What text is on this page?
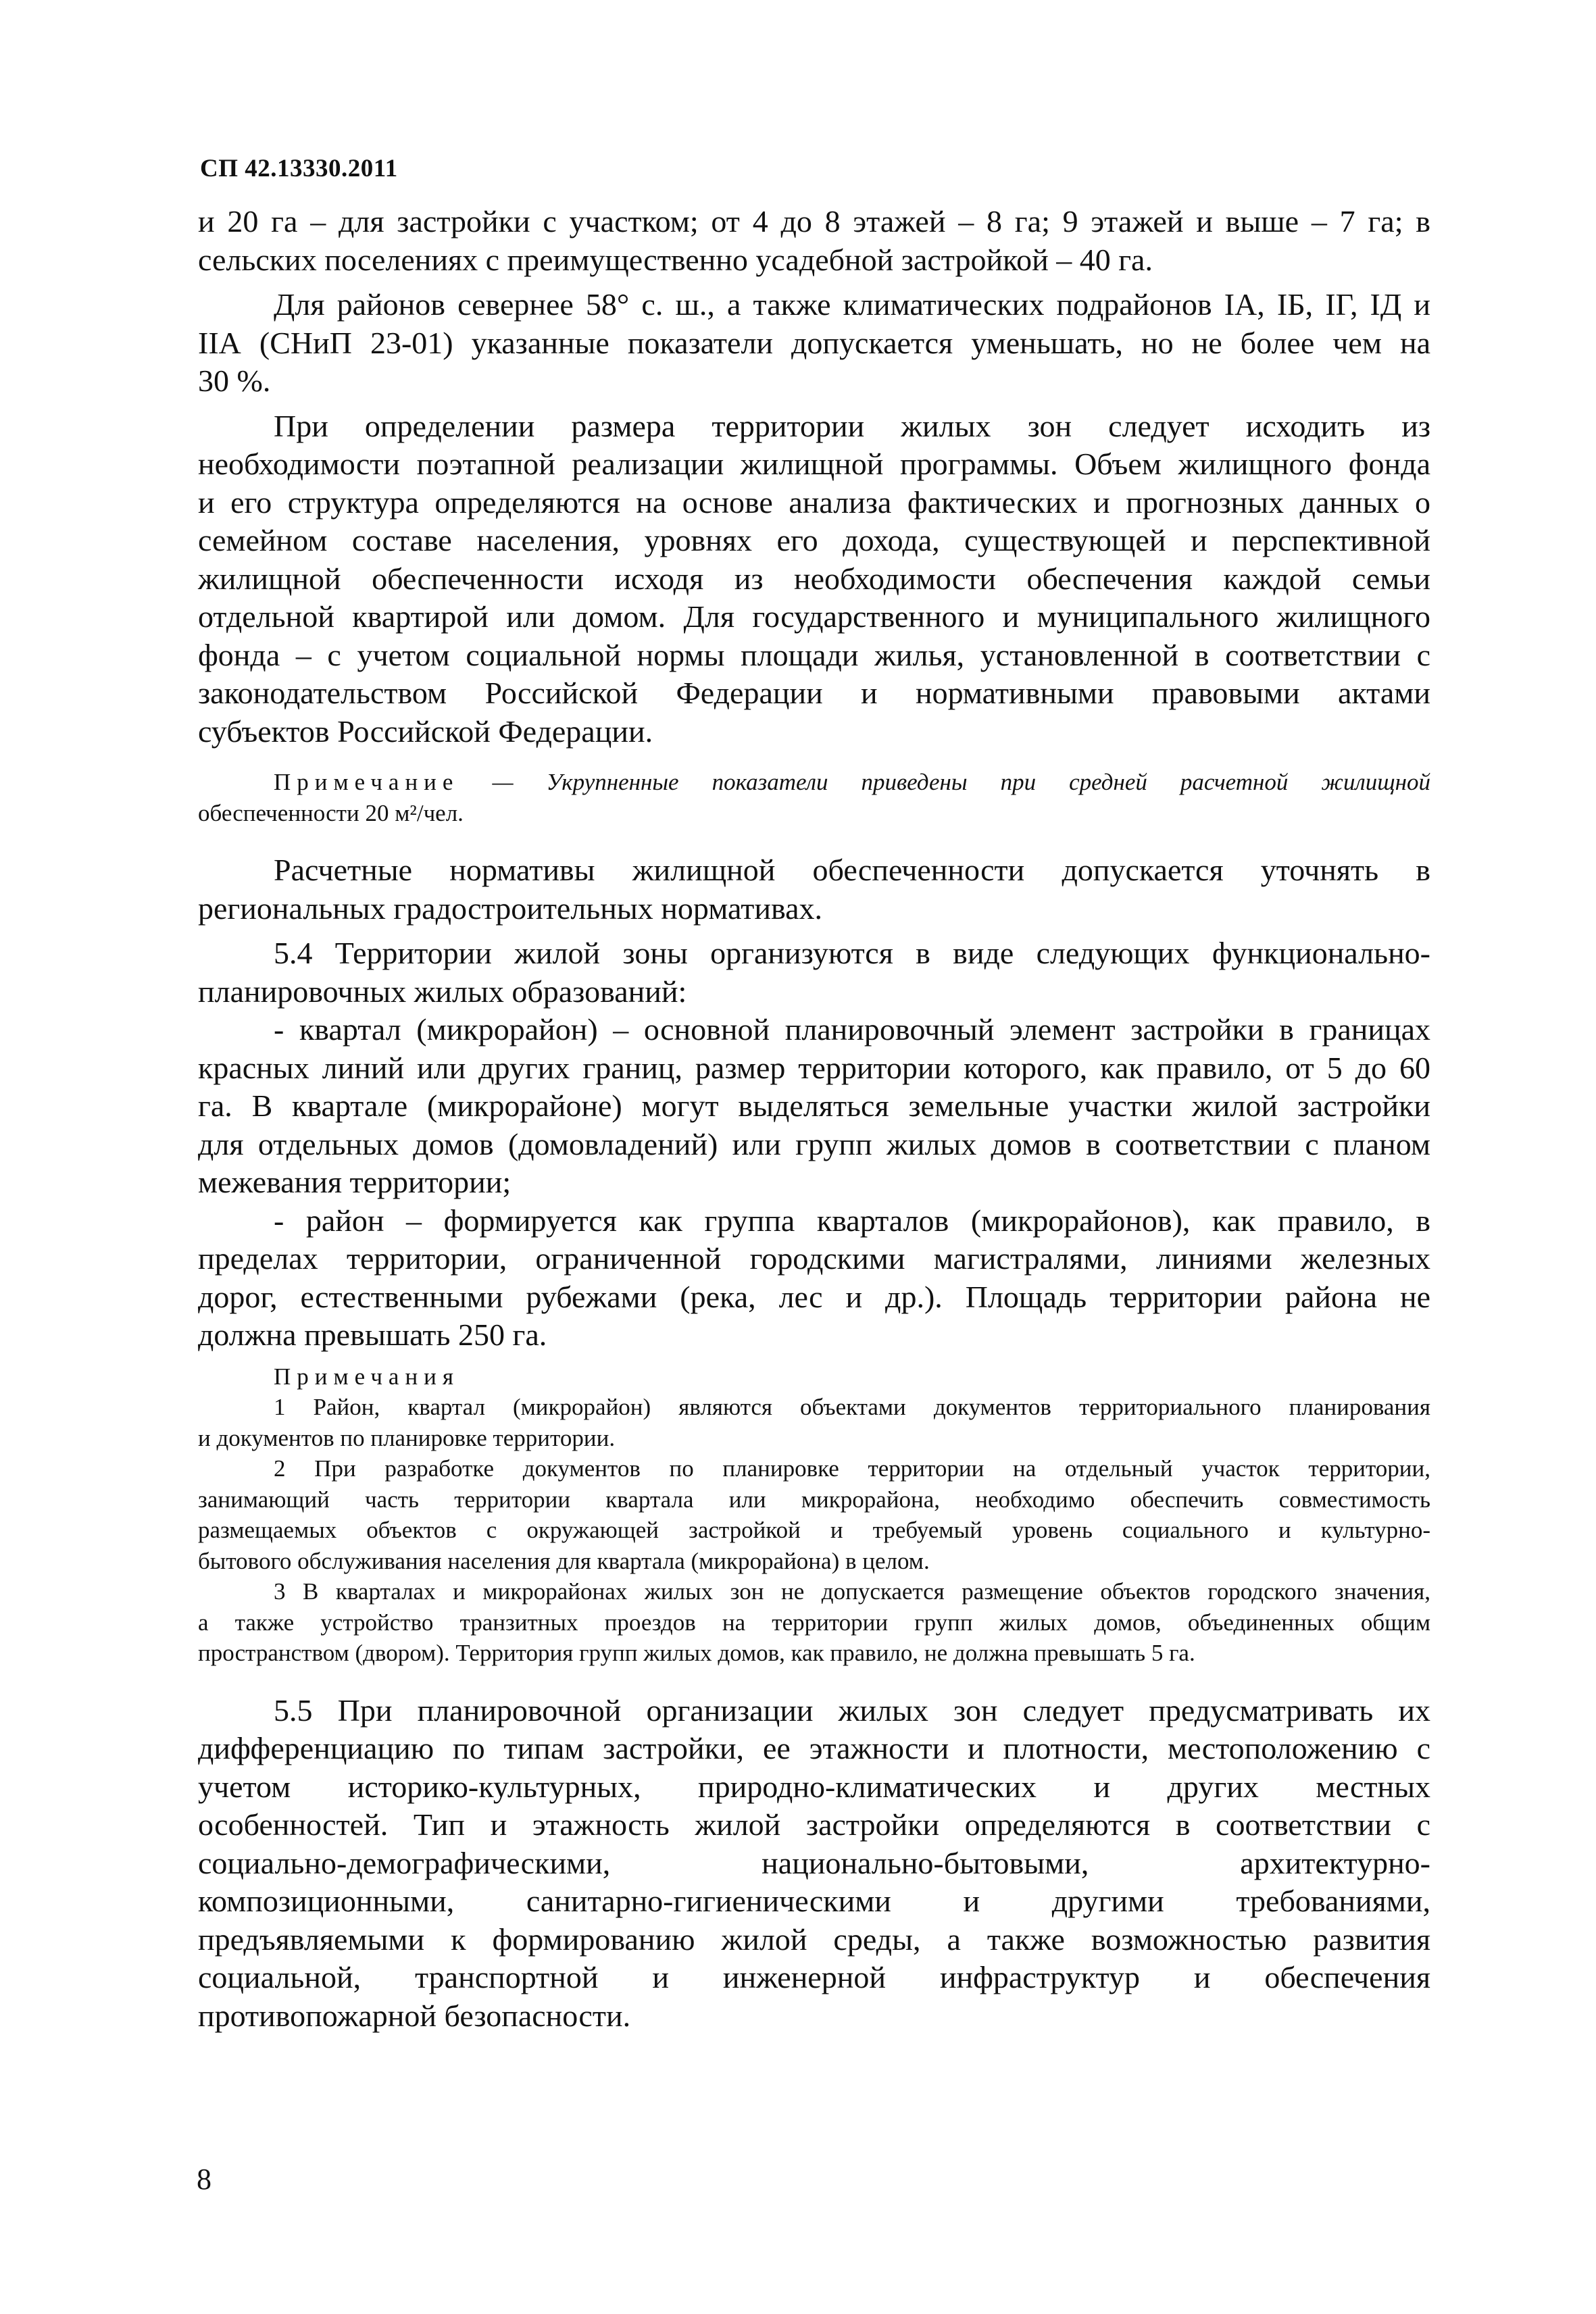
СП 42.13330.2011

и 20 га – для застройки с участком; от 4 до 8 этажей – 8 га; 9 этажей и выше – 7 га; в
сельских поселениях с преимущественно усадебной застройкой – 40 га.

Для районов севернее 58° с. ш., а также климатических подрайонов IА, IБ, IГ, IД и
IIА (СНиП 23-01) указанные показатели допускается уменьшать, но не более чем на
30 %.

При определении размера территории жилых зон следует исходить из
необходимости поэтапной реализации жилищной программы. Объем жилищного фонда
и его структура определяются на основе анализа фактических и прогнозных данных о
семейном составе населения, уровнях его дохода, существующей и перспективной
жилищной обеспеченности исходя из необходимости обеспечения каждой семьи
отдельной квартирой или домом. Для государственного и муниципального жилищного
фонда – с учетом социальной нормы площади жилья, установленной в соответствии с
законодательством Российской Федерации и нормативными правовыми актами
субъектов Российской Федерации.

Примечание — Укрупненные показатели приведены при средней расчетной жилищной
обеспеченности 20 м²/чел.

Расчетные нормативы жилищной обеспеченности допускается уточнять в
региональных градостроительных нормативах.

5.4 Территории жилой зоны организуются в виде следующих функционально-
планировочных жилых образований:

- квартал (микрорайон) – основной планировочный элемент застройки в границах
красных линий или других границ, размер территории которого, как правило, от 5 до 60
га. В квартале (микрорайоне) могут выделяться земельные участки жилой застройки
для отдельных домов (домовладений) или групп жилых домов в соответствии с планом
межевания территории;

- район – формируется как группа кварталов (микрорайонов), как правило, в
пределах территории, ограниченной городскими магистралями, линиями железных
дорог, естественными рубежами (река, лес и др.). Площадь территории района не
должна превышать 250 га.

Примечания
1 Район, квартал (микрорайон) являются объектами документов территориального планирования
и документов по планировке территории.
2 При разработке документов по планировке территории на отдельный участок территории,
занимающий часть территории квартала или микрорайона, необходимо обеспечить совместимость
размещаемых объектов с окружающей застройкой и требуемый уровень социального и культурно-
бытового обслуживания населения для квартала (микрорайона) в целом.
3 В кварталах и микрорайонах жилых зон не допускается размещение объектов городского значения,
а также устройство транзитных проездов на территории групп жилых домов, объединенных общим
пространством (двором). Территория групп жилых домов, как правило, не должна превышать 5 га.

5.5 При планировочной организации жилых зон следует предусматривать их
дифференциацию по типам застройки, ее этажности и плотности, местоположению с
учетом историко-культурных, природно-климатических и других местных
особенностей. Тип и этажность жилой застройки определяются в соответствии с
социально-демографическими, национально-бытовыми, архитектурно-
композиционными, санитарно-гигиеническими и другими требованиями,
предъявляемыми к формированию жилой среды, а также возможностью развития
социальной, транспортной и инженерной инфраструктур и обеспечения
противопожарной безопасности.

8
